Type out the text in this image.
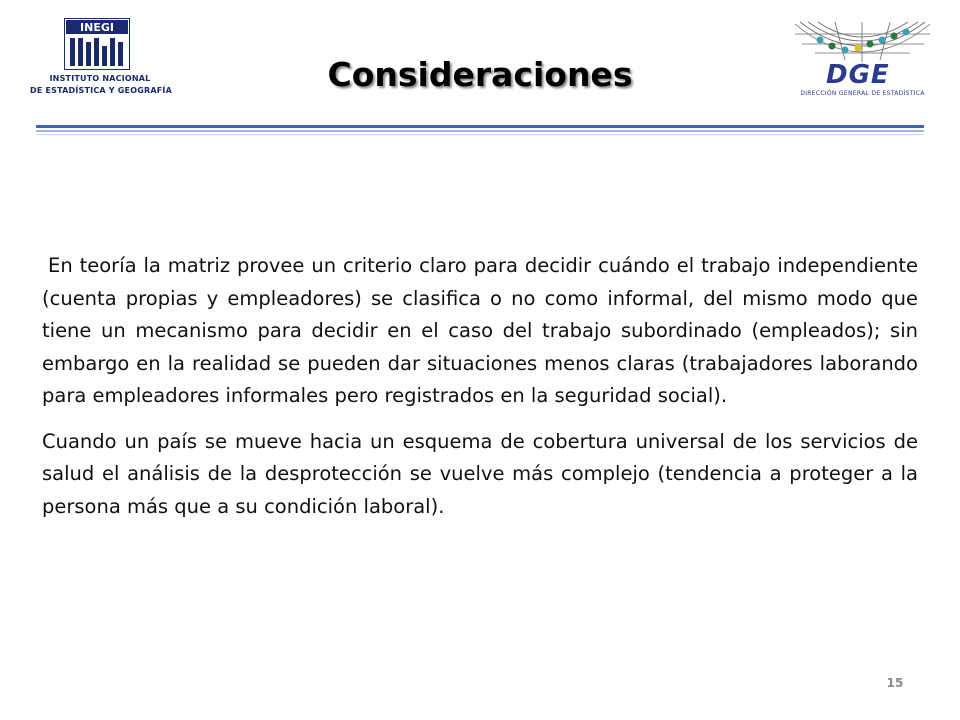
INEGI
INSTITUTO NACIONAL
DE ESTADÍSTICA Y GEOGRAFÍA	Consideraciones	DGE
DIRECCIÓN GENERAL DE ESTADÍSTICA

En teoría la matriz provee un criterio claro para decidir cuándo el trabajo independiente (cuenta propias y empleadores) se clasifica o no como informal, del mismo modo que tiene un mecanismo para decidir en el caso del trabajo subordinado (empleados); sin embargo en la realidad se pueden dar situaciones menos claras (trabajadores laborando para empleadores informales pero registrados en la seguridad social).

Cuando un país se mueve hacia un esquema de cobertura universal de los servicios de salud el análisis de la desprotección se vuelve más complejo (tendencia a proteger a la persona más que a su condición laboral).

15
